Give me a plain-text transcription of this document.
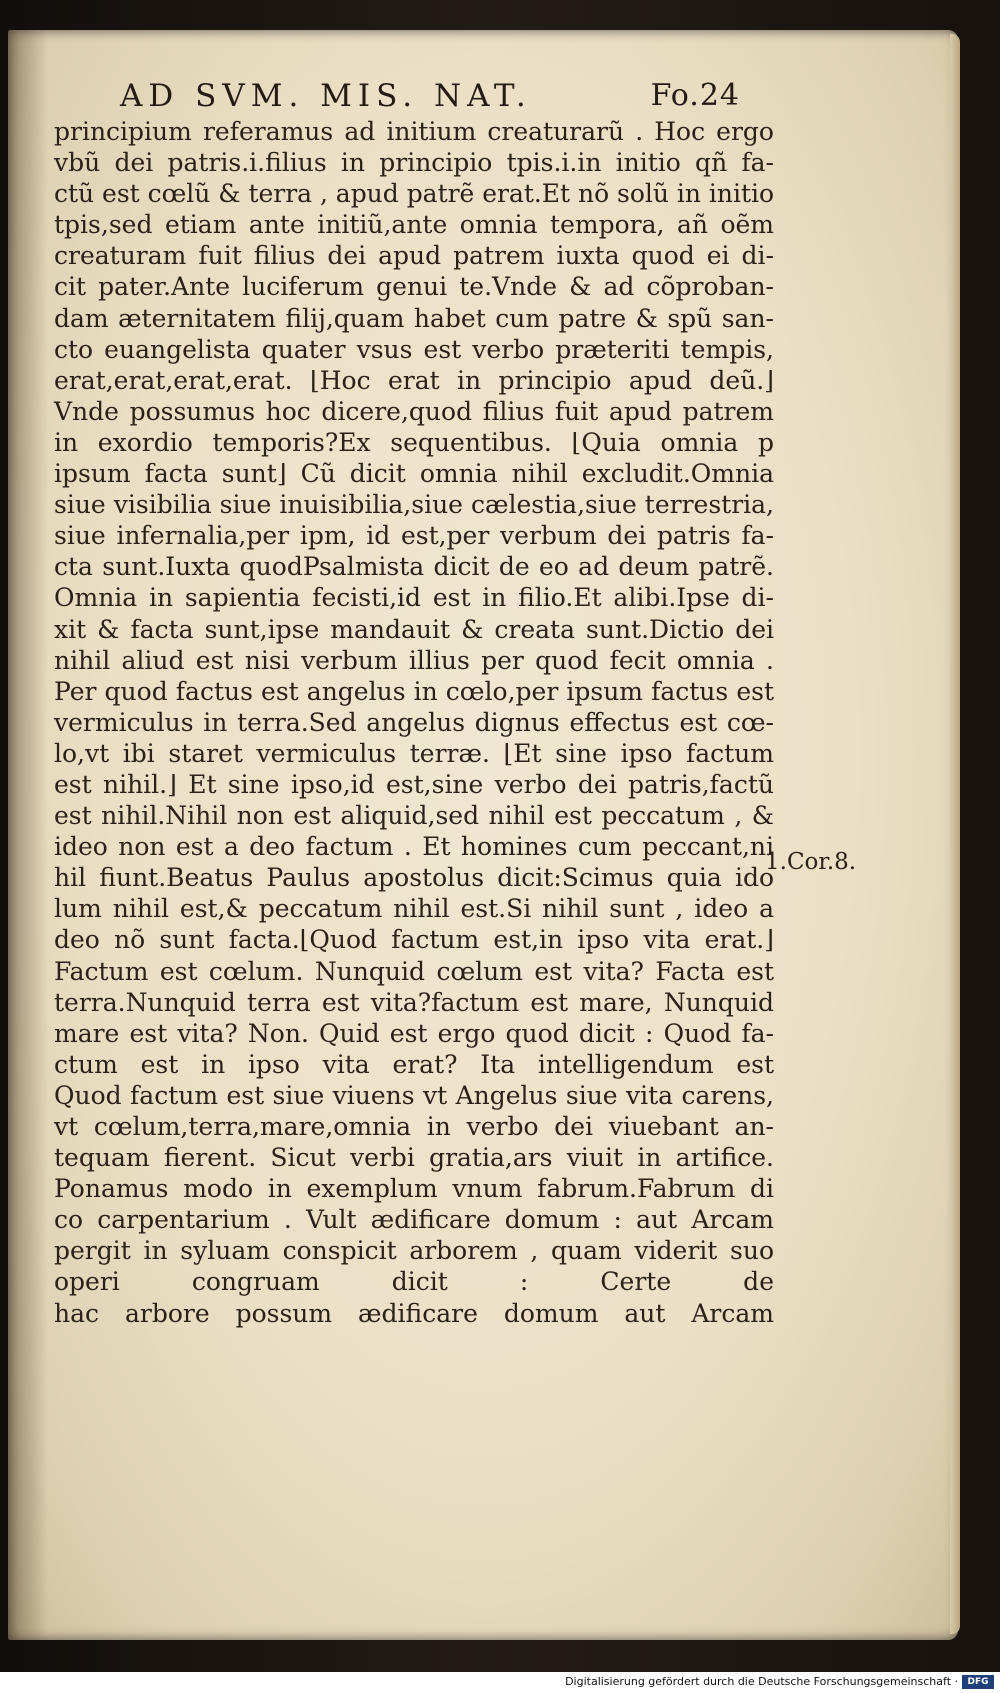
AD SVM. MIS. NAT.	Fo.24
principium referamus ad initium creaturarũ . Hoc ergo
vbũ dei patris.i.filius in principio tpis.i.in initio qñ fa-
ctũ est cœlũ & terra , apud patrẽ erat.Et nõ solũ in initio
tpis,sed etiam ante initiũ,ante omnia tempora, añ oẽm
creaturam fuit filius dei apud patrem iuxta quod ei di-
cit pater.Ante luciferum genui te.Vnde & ad cõproban-
dam æternitatem filij,quam habet cum patre & spũ san-
cto euangelista quater vsus est verbo præteriti tempis,
erat,erat,erat,erat. ⌊Hoc erat in principio apud deũ.⌋
Vnde possumus hoc dicere,quod filius fuit apud patrem
in exordio temporis?Ex sequentibus. ⌊Quia omnia p
ipsum facta sunt⌋ Cũ dicit omnia nihil excludit.Omnia
siue visibilia siue inuisibilia,siue cælestia,siue terrestria,
siue infernalia,per ipm, id est,per verbum dei patris fa-
cta sunt.Iuxta quodPsalmista dicit de eo ad deum patrẽ.
Omnia in sapientia fecisti,id est in filio.Et alibi.Ipse di-
xit & facta sunt,ipse mandauit & creata sunt.Dictio dei
nihil aliud est nisi verbum illius per quod fecit omnia .
Per quod factus est angelus in cœlo,per ipsum factus est
vermiculus in terra.Sed angelus dignus effectus est cœ-
lo,vt ibi staret vermiculus terræ. ⌊Et sine ipso factum
est nihil.⌋ Et sine ipso,id est,sine verbo dei patris,factũ
est nihil.Nihil non est aliquid,sed nihil est peccatum , &
ideo non est a deo factum . Et homines cum peccant,ni
hil fiunt.Beatus Paulus apostolus dicit:Scimus quia ido
lum nihil est,& peccatum nihil est.Si nihil sunt , ideo a
deo nõ sunt facta.⌊Quod factum est,in ipso vita erat.⌋
Factum est cœlum. Nunquid cœlum est vita? Facta est
terra.Nunquid terra est vita?factum est mare, Nunquid
mare est vita? Non. Quid est ergo quod dicit : Quod fa-
ctum est in ipso vita erat? Ita intelligendum est
Quod factum est siue viuens vt Angelus siue vita carens,
vt cœlum,terra,mare,omnia in verbo dei viuebant an-
tequam fierent. Sicut verbi gratia,ars viuit in artifice.
Ponamus modo in exemplum vnum fabrum.Fabrum di
co carpentarium . Vult ædificare domum : aut Arcam
pergit in syluam conspicit arborem , quam viderit suo
operi congruam dicit : Certe de
hac arbore possum ædificare domum aut Arcam
1.Cor.8.
Digitalisierung gefördert durch die Deutsche Forschungsgemeinschaft ·	DFG
